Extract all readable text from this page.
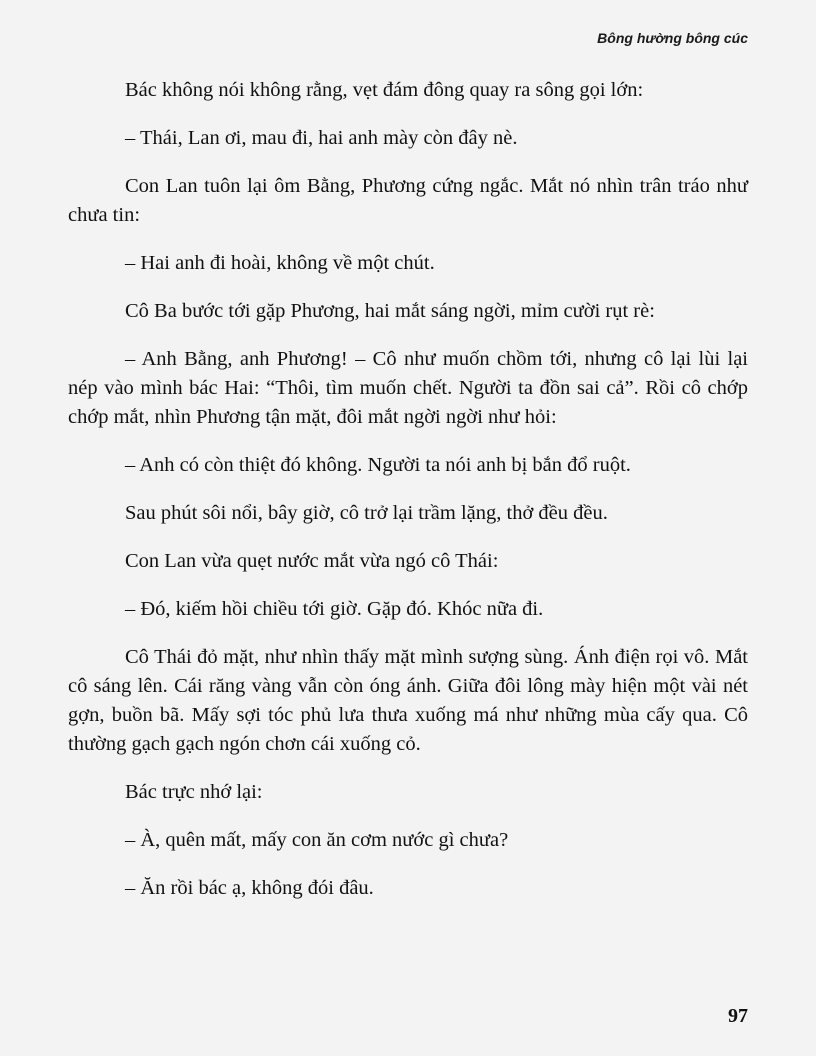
Bông hường bông cúc

Bác không nói không rằng, vẹt đám đông quay ra sông gọi lớn:

– Thái, Lan ơi, mau đi, hai anh mày còn đây nè.

Con Lan tuôn lại ôm Bằng, Phương cứng ngắc. Mắt nó nhìn trân tráo như chưa tin:

– Hai anh đi hoài, không về một chút.

Cô Ba bước tới gặp Phương, hai mắt sáng ngời, mỉm cười rụt rè:

– Anh Bằng, anh Phương! – Cô như muốn chồm tới, nhưng cô lại lùi lại nép vào mình bác Hai: “Thôi, tìm muốn chết. Người ta đồn sai cả”. Rồi cô chớp chớp mắt, nhìn Phương tận mặt, đôi mắt ngời ngời như hỏi:

– Anh có còn thiệt đó không. Người ta nói anh bị bắn đổ ruột.

Sau phút sôi nổi, bây giờ, cô trở lại trầm lặng, thở đều đều.

Con Lan vừa quẹt nước mắt vừa ngó cô Thái:

– Đó, kiếm hồi chiều tới giờ. Gặp đó. Khóc nữa đi.

Cô Thái đỏ mặt, như nhìn thấy mặt mình sượng sùng. Ánh điện rọi vô. Mắt cô sáng lên. Cái răng vàng vẫn còn óng ánh. Giữa đôi lông mày hiện một vài nét gợn, buồn bã. Mấy sợi tóc phủ lưa thưa xuống má như những mùa cấy qua. Cô thường gạch gạch ngón chơn cái xuống cỏ.

Bác trực nhớ lại:

– À, quên mất, mấy con ăn cơm nước gì chưa?

– Ăn rồi bác ạ, không đói đâu.

97
